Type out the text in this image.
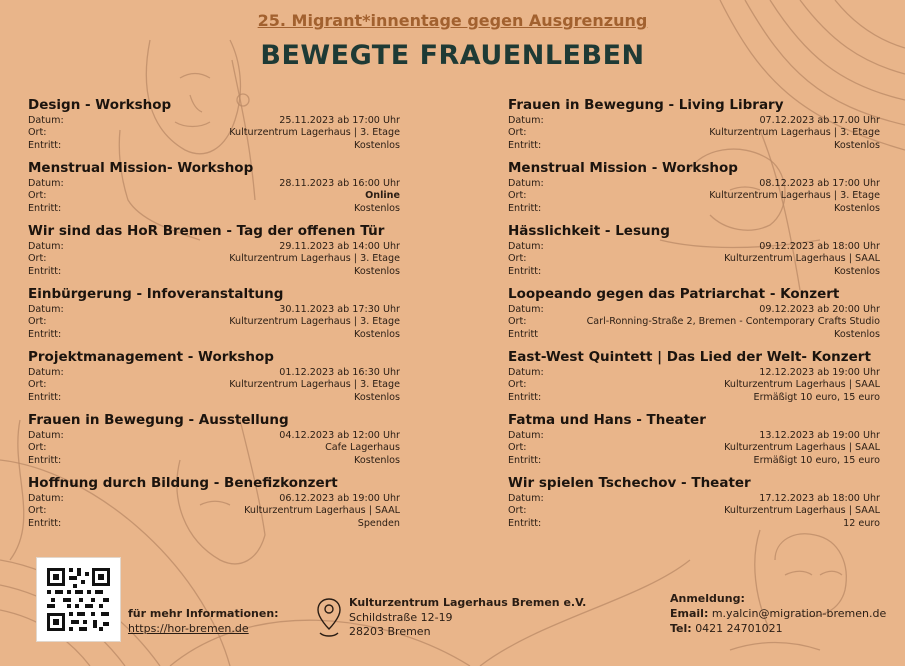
25. Migrant*innentage gegen Ausgrenzung
BEWEGTE FRAUENLEBEN
Design - Workshop
Datum:	25.11.2023 ab 17:00 Uhr
Ort:	Kulturzentrum Lagerhaus | 3. Etage
Entritt:	Kostenlos
Menstrual Mission- Workshop
Datum:	28.11.2023 ab 16:00 Uhr
Ort:	Online
Entritt:	Kostenlos
Wir sind das HoR Bremen - Tag der offenen Tür
Datum:	29.11.2023 ab 14:00 Uhr
Ort:	Kulturzentrum Lagerhaus | 3. Etage
Entritt:	Kostenlos
Einbürgerung - Infoveranstaltung
Datum:	30.11.2023 ab 17:30 Uhr
Ort:	Kulturzentrum Lagerhaus | 3. Etage
Entritt:	Kostenlos
Projektmanagement - Workshop
Datum:	01.12.2023 ab 16:30 Uhr
Ort:	Kulturzentrum Lagerhaus | 3. Etage
Entritt:	Kostenlos
Frauen in Bewegung - Ausstellung
Datum:	04.12.2023 ab 12:00 Uhr
Ort:	Cafe Lagerhaus
Entritt:	Kostenlos
Hoffnung durch Bildung - Benefizkonzert
Datum:	06.12.2023 ab 19:00 Uhr
Ort:	Kulturzentrum Lagerhaus | SAAL
Entritt:	Spenden
Frauen in Bewegung - Living Library
Datum:	07.12.2023 ab 17.00 Uhr
Ort:	Kulturzentrum Lagerhaus | 3. Etage
Entritt:	Kostenlos
Menstrual Mission - Workshop
Datum:	08.12.2023 ab 17:00 Uhr
Ort:	Kulturzentrum Lagerhaus | 3. Etage
Entritt:	Kostenlos
Hässlichkeit - Lesung
Datum:	09.12.2023 ab 18:00 Uhr
Ort:	Kulturzentrum Lagerhaus | SAAL
Entritt:	Kostenlos
Loopeando gegen das Patriarchat - Konzert
Datum:	09.12.2023 ab 20:00 Uhr
Ort:	Carl-Ronning-Straße 2, Bremen - Contemporary Crafts Studio
Entritt	Kostenlos
East-West Quintett | Das Lied der Welt- Konzert
Datum:	12.12.2023 ab 19:00 Uhr
Ort:	Kulturzentrum Lagerhaus | SAAL
Entritt:	Ermäßigt 10 euro, 15 euro
Fatma und Hans - Theater
Datum:	13.12.2023 ab 19:00 Uhr
Ort:	Kulturzentrum Lagerhaus | SAAL
Entritt:	Ermäßigt 10 euro, 15 euro
Wir spielen Tschechov - Theater
Datum:	17.12.2023 ab 18:00 Uhr
Ort:	Kulturzentrum Lagerhaus | SAAL
Entritt:	12 euro
für mehr Informationen:
https://hor-bremen.de
Kulturzentrum Lagerhaus Bremen e.V.
Schildstraße 12-19
28203 Bremen
Anmeldung:
Email: m.yalcin@migration-bremen.de
Tel: 0421 24701021
